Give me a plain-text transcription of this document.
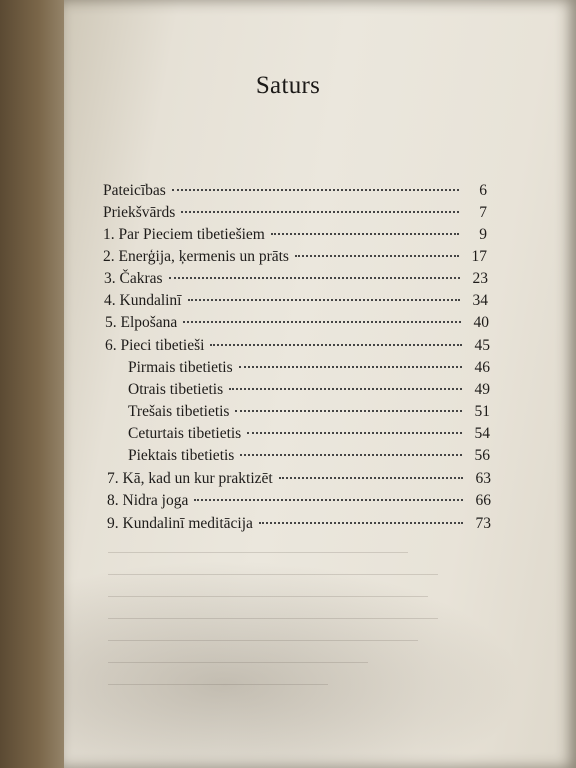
Saturs
Pateicības	6
Priekšvārds	7
1. Par Pieciem tibetiešiem	9
2. Enerģija, ķermenis un prāts	17
3. Čakras	23
4. Kundalinī	34
5. Elpošana	40
6. Pieci tibetieši	45
Pirmais tibetietis	46
Otrais tibetietis	49
Trešais tibetietis	51
Ceturtais tibetietis	54
Piektais tibetietis	56
7. Kā, kad un kur praktizēt	63
8. Nidra joga	66
9. Kundalinī meditācija	73
